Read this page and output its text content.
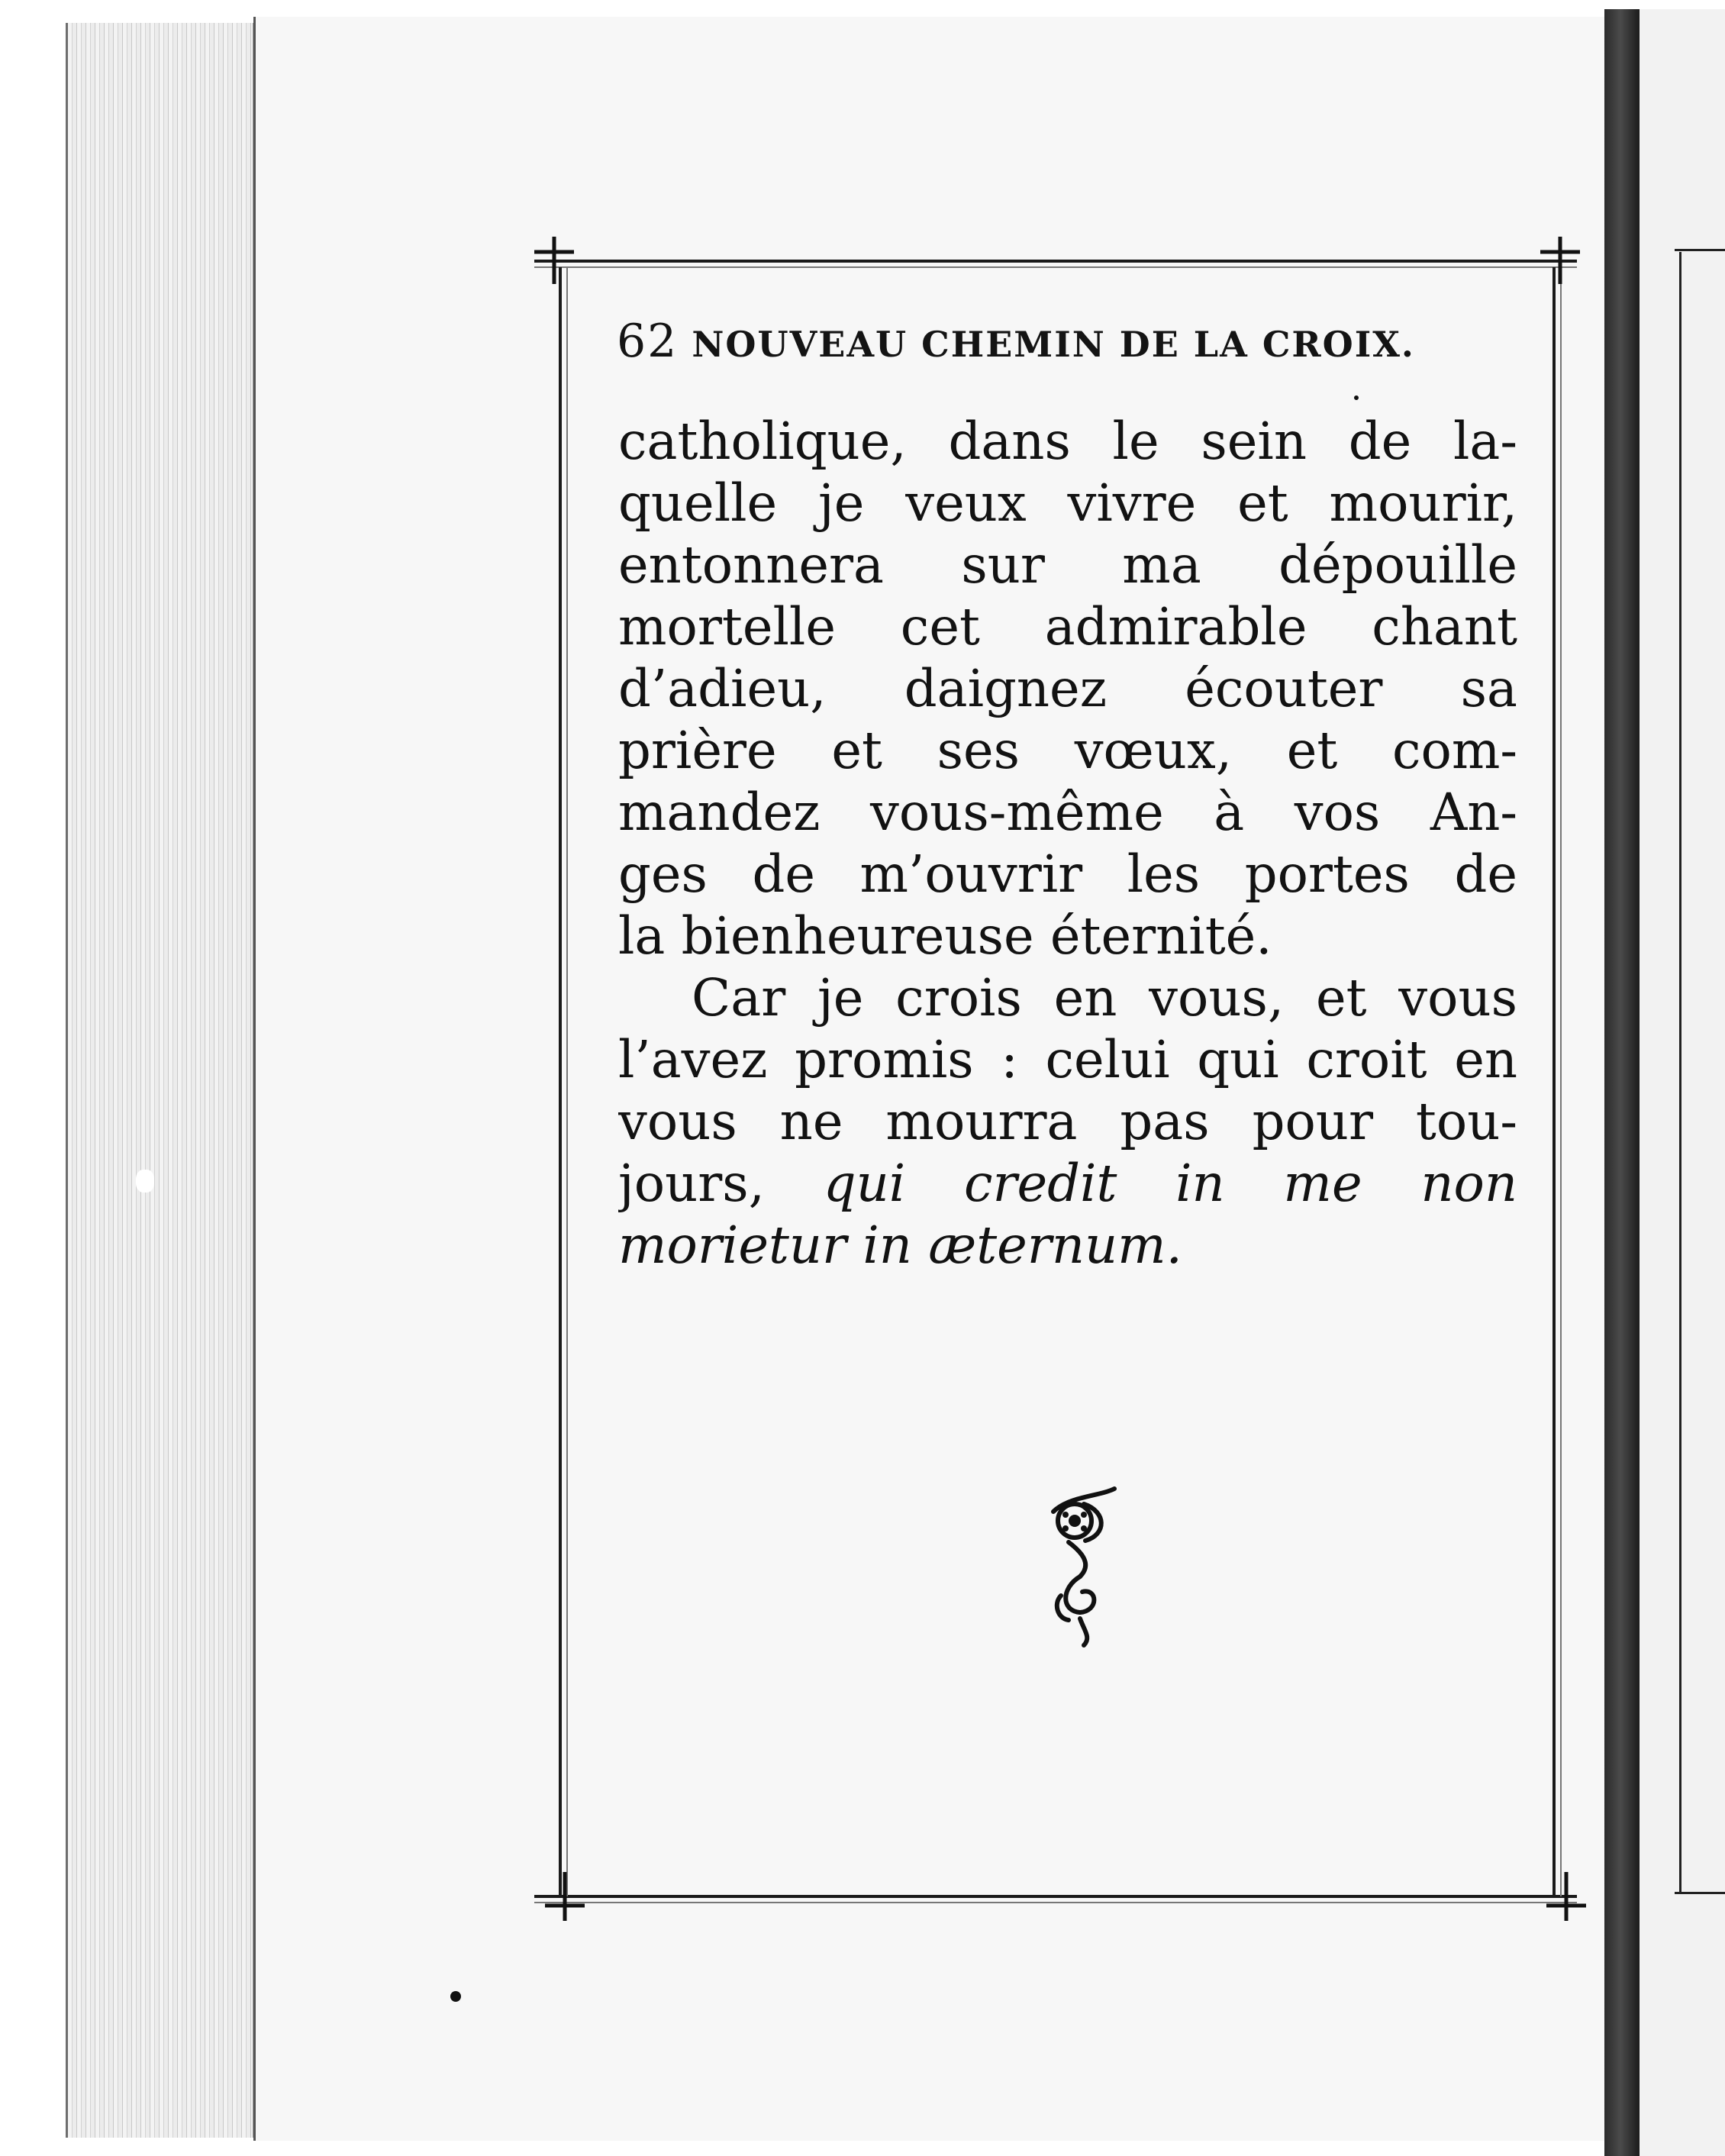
62 NOUVEAU CHEMIN DE LA CROIX.
catholique, dans le sein de la-
quelle je veux vivre et mourir,
entonnera sur ma dépouille
mortelle cet admirable chant
d’adieu, daignez écouter sa
prière et ses vœux, et com-
mandez vous-même à vos An-
ges de m’ouvrir les portes de
la bienheureuse éternité.
Car je crois en vous, et vous
l’avez promis : celui qui croit en
vous ne mourra pas pour tou-
jours, qui credit in me non
morietur in æternum.
